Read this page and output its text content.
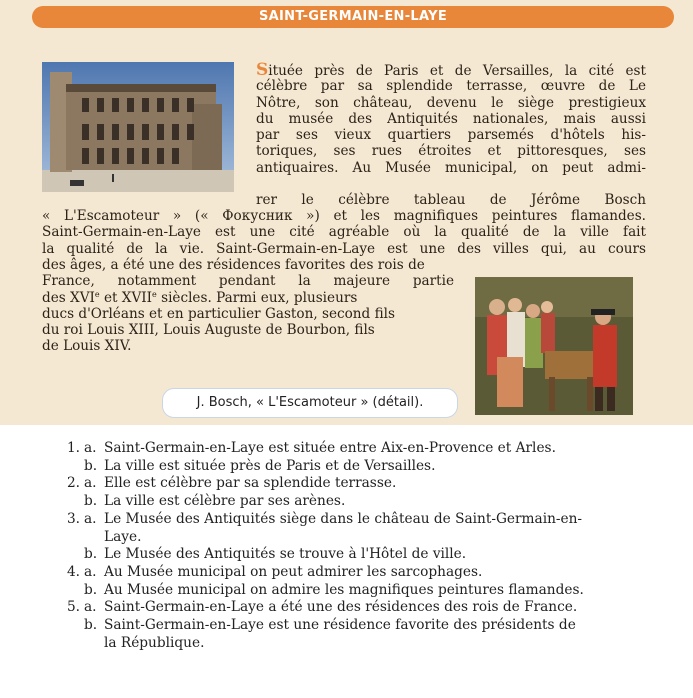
SAINT-GERMAIN-EN-LAYE
Située près de Paris et de Versailles, la cité est
célèbre par sa splendide terrasse, œuvre de Le
Nôtre, son château, devenu le siège prestigieux
du musée des Antiquités nationales, mais aussi
par ses vieux quartiers parsemés d'hôtels his-
toriques, ses rues étroites et pittoresques, ses
antiquaires. Au Musée municipal, on peut admi-
rer le célèbre tableau de Jérôme Bosch
« L'Escamoteur » (« Фокусник ») et les magnifiques peintures flamandes.
Saint-Germain-en-Laye est une cité agréable où la qualité de la ville fait
la qualité de la vie. Saint-Germain-en-Laye est une des villes qui, au cours
des âges, a été une des résidences favorites des rois de
France, notamment pendant la majeure partie
des XVIe et XVIIe siècles. Parmi eux, plusieurs
ducs d'Orléans et en particulier Gaston, second fils
du roi Louis XIII, Louis Auguste de Bourbon, fils
de Louis XIV.
J. Bosch, « L'Escamoteur » (détail).
1. a. Saint-Germain-en-Laye est située entre Aix-en-Provence et Arles.
b. La ville est située près de Paris et de Versailles.
2. a. Elle est célèbre par sa splendide terrasse.
b. La ville est célèbre par ses arènes.
3. a. Le Musée des Antiquités siège dans le château de Saint-Germain-en-
Laye.
b. Le Musée des Antiquités se trouve à l'Hôtel de ville.
4. a. Au Musée municipal on peut admirer les sarcophages.
b. Au Musée municipal on admire les magnifiques peintures flamandes.
5. a. Saint-Germain-en-Laye a été une des résidences des rois de France.
b. Saint-Germain-en-Laye est une résidence favorite des présidents de
la République.
